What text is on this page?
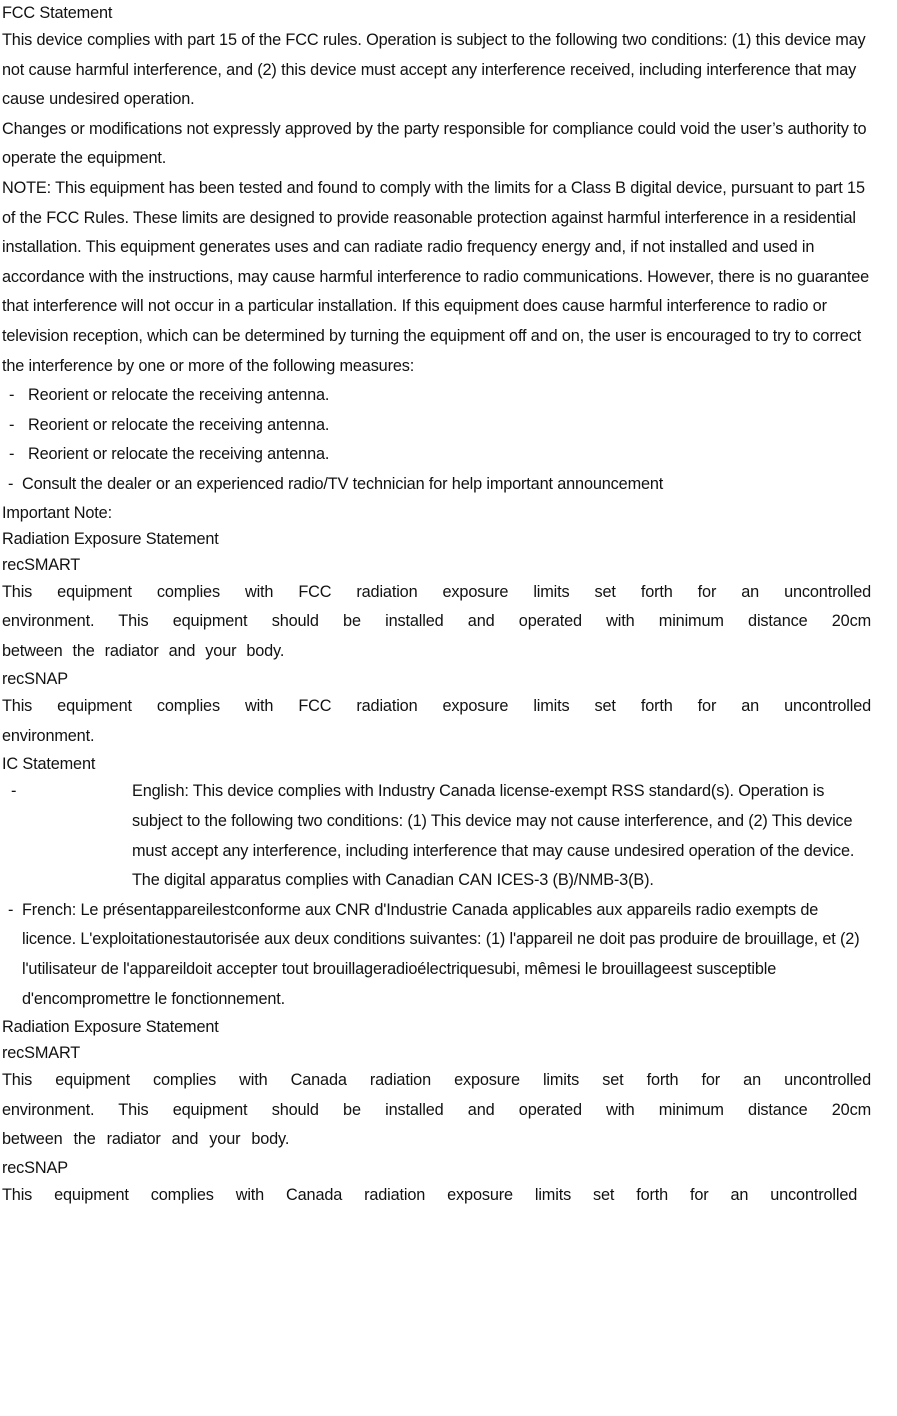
FCC Statement
This device complies with part 15 of the FCC rules. Operation is subject to the following two conditions: (1) this device may not cause harmful interference, and (2) this device must accept any interference received, including interference that may cause undesired operation.
Changes or modifications not expressly approved by the party responsible for compliance could void the user’s authority to operate the equipment.
NOTE: This equipment has been tested and found to comply with the limits for a Class B digital device, pursuant to part 15 of the FCC Rules. These limits are designed to provide reasonable protection against harmful interference in a residential installation. This equipment generates uses and can radiate radio frequency energy and, if not installed and used in accordance with the instructions, may cause harmful interference to radio communications. However, there is no guarantee that interference will not occur in a particular installation. If this equipment does cause harmful interference to radio or television reception, which can be determined by turning the equipment off and on, the user is encouraged to try to correct the interference by one or more of the following measures:
- Reorient or relocate the receiving antenna.
- Reorient or relocate the receiving antenna.
- Reorient or relocate the receiving antenna.
- Consult the dealer or an experienced radio/TV technician for help important announcement
Important Note:
Radiation Exposure Statement
recSMART
This  equipment  complies  with  FCC  radiation  exposure  limits  set  forth  for  an  uncontrolled environment.  This  equipment  should  be  installed  and  operated  with  minimum  distance  20cm between the radiator and your body.
recSNAP
This  equipment  complies  with  FCC  radiation  exposure  limits  set  forth  for  an  uncontrolled environment.
IC Statement
-	English: This device complies with Industry Canada license-exempt RSS standard(s). Operation is subject to the following two conditions: (1) This device may not cause interference, and (2) This device must accept any interference, including interference that may cause undesired operation of the device. The digital apparatus complies with Canadian CAN ICES-3 (B)/NMB-3(B).
- French: Le présentappareilestconforme aux CNR d'Industrie Canada applicables aux appareils radio exempts de licence. L'exploitationestautorisée aux deux conditions suivantes: (1) l'appareil ne doit pas produire de brouillage, et (2) l'utilisateur de l'appareildoit accepter tout brouillageradioélectriquesubi, mêmesi le brouillageest susceptible d'encompromettre le fonctionnement.
Radiation Exposure Statement
recSMART
This  equipment  complies  with  Canada  radiation  exposure  limits  set  forth  for  an  uncontrolled environment.  This  equipment  should  be  installed  and  operated  with  minimum  distance  20cm between the radiator and your body.
recSNAP
This  equipment  complies  with  Canada  radiation  exposure  limits  set  forth  for  an  uncontrolled
